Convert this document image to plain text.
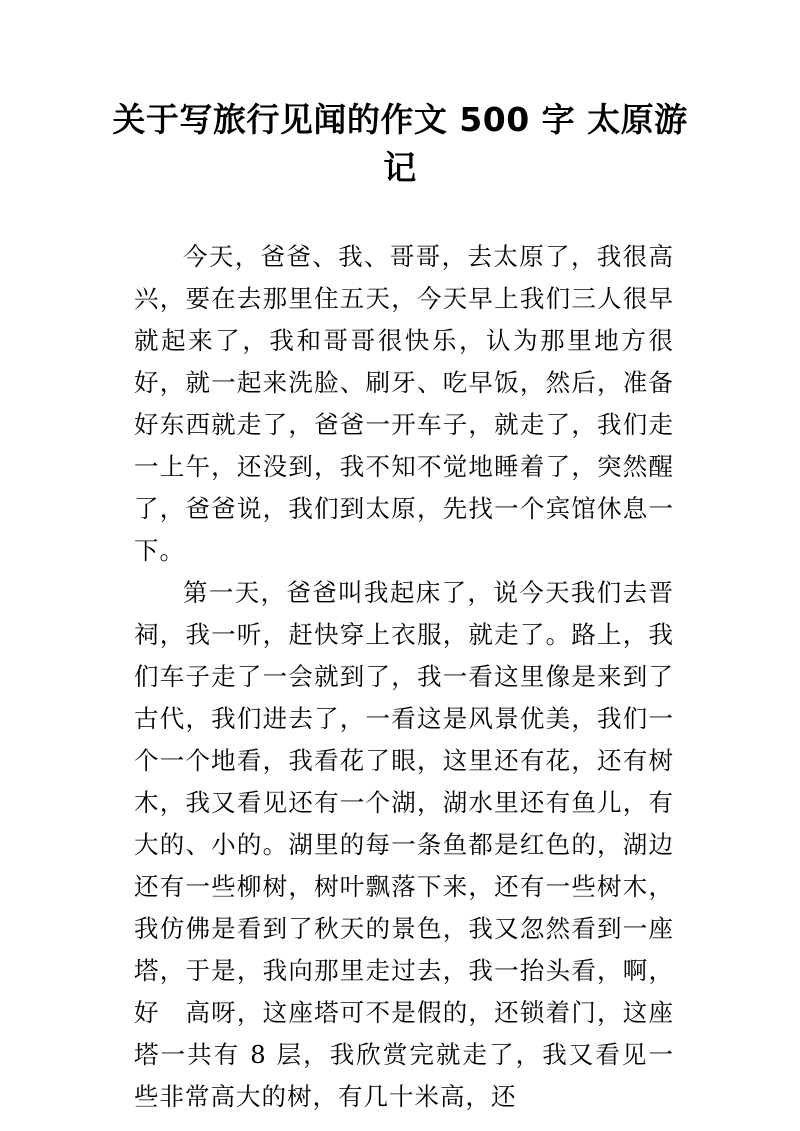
关于写旅行见闻的作文 500 字 太原游记

今天，爸爸、我、哥哥，去太原了，我很高兴，要在去那里住五天，今天早上我们三人很早就起来了，我和哥哥很快乐，认为那里地方很好，就一起来洗脸、刷牙、吃早饭，然后，准备好东西就走了，爸爸一开车子，就走了，我们走一上午，还没到，我不知不觉地睡着了，突然醒了，爸爸说，我们到太原，先找一个宾馆休息一下。

第一天，爸爸叫我起床了，说今天我们去晋祠，我一听，赶快穿上衣服，就走了。路上，我们车子走了一会就到了，我一看这里像是来到了古代，我们进去了，一看这是风景优美，我们一个一个地看，我看花了眼，这里还有花，还有树木，我又看见还有一个湖，湖水里还有鱼儿，有大的、小的。湖里的每一条鱼都是红色的，湖边还有一些柳树，树叶飘落下来，还有一些树木，我仿佛是看到了秋天的景色，我又忽然看到一座塔，于是，我向那里走过去，我一抬头看，啊，好　高呀，这座塔可不是假的，还锁着门，这座塔一共有 8 层，我欣赏完就走了，我又看见一些非常高大的树，有几十米高，还
